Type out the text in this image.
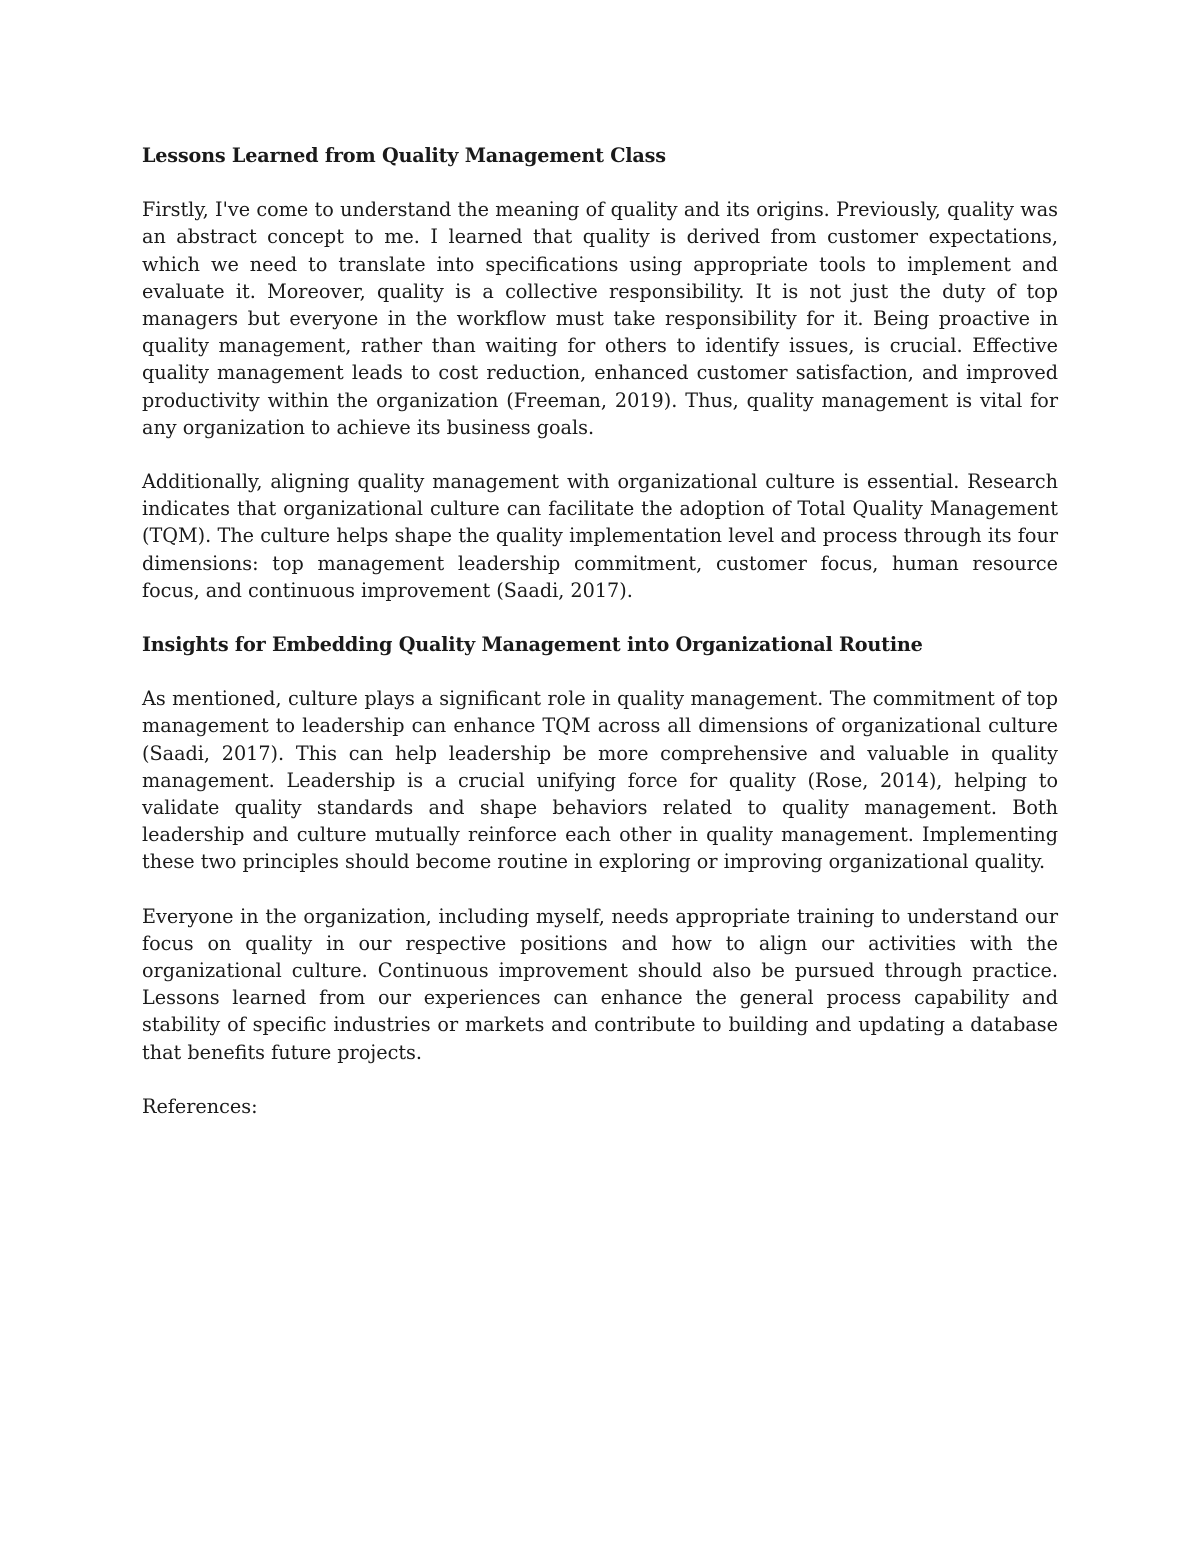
Lessons Learned from Quality Management Class

Firstly, I've come to understand the meaning of quality and its origins. Previously, quality was an abstract concept to me. I learned that quality is derived from customer expectations, which we need to translate into specifications using appropriate tools to implement and evaluate it. Moreover, quality is a collective responsibility. It is not just the duty of top managers but everyone in the workflow must take responsibility for it. Being proactive in quality management, rather than waiting for others to identify issues, is crucial. Effective quality management leads to cost reduction, enhanced customer satisfaction, and improved productivity within the organization (Freeman, 2019). Thus, quality management is vital for any organization to achieve its business goals.

Additionally, aligning quality management with organizational culture is essential. Research indicates that organizational culture can facilitate the adoption of Total Quality Management (TQM). The culture helps shape the quality implementation level and process through its four dimensions: top management leadership commitment, customer focus, human resource focus, and continuous improvement (Saadi, 2017).

Insights for Embedding Quality Management into Organizational Routine

As mentioned, culture plays a significant role in quality management. The commitment of top management to leadership can enhance TQM across all dimensions of organizational culture (Saadi, 2017). This can help leadership be more comprehensive and valuable in quality management. Leadership is a crucial unifying force for quality (Rose, 2014), helping to validate quality standards and shape behaviors related to quality management. Both leadership and culture mutually reinforce each other in quality management. Implementing these two principles should become routine in exploring or improving organizational quality.

Everyone in the organization, including myself, needs appropriate training to understand our focus on quality in our respective positions and how to align our activities with the organizational culture. Continuous improvement should also be pursued through practice. Lessons learned from our experiences can enhance the general process capability and stability of specific industries or markets and contribute to building and updating a database that benefits future projects.

References:
